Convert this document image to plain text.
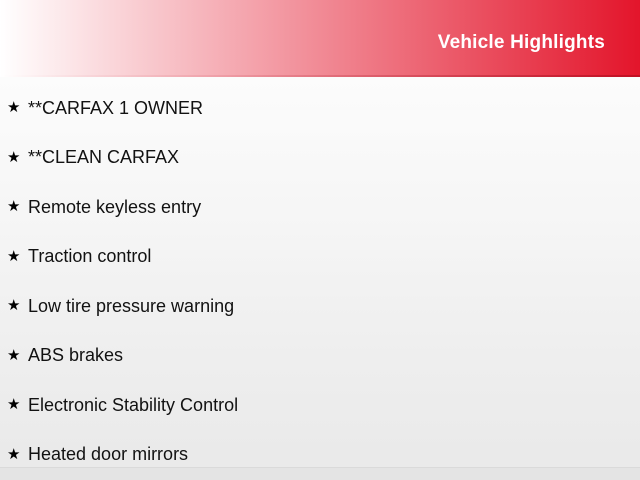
Vehicle Highlights
★ **CARFAX 1 OWNER
★ **CLEAN CARFAX
★ Remote keyless entry
★ Traction control
★ Low tire pressure warning
★ ABS brakes
★ Electronic Stability Control
★ Heated door mirrors
